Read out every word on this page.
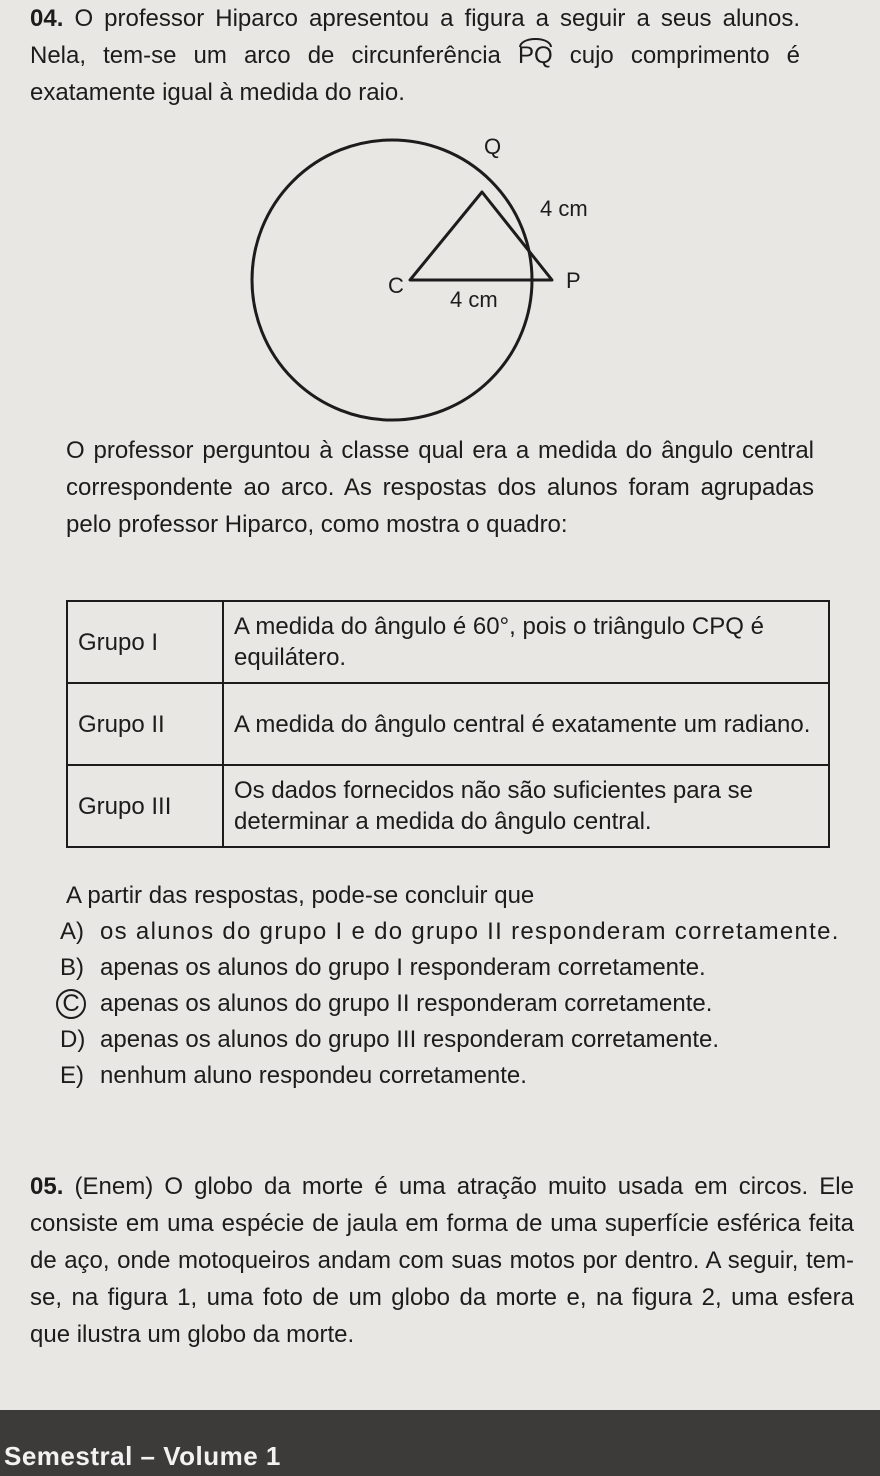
04. O professor Hiparco apresentou a figura a seguir a seus alunos. Nela, tem-se um arco de circunferência PQ cujo comprimento é exatamente igual à medida do raio.

Q
4 cm
C	P
4 cm

O professor perguntou à classe qual era a medida do ângulo central correspondente ao arco. As respostas dos alunos foram agrupadas pelo professor Hiparco, como mostra o quadro:

Grupo I	A medida do ângulo é 60°, pois o triângulo CPQ é equilátero.
Grupo II	A medida do ângulo central é exatamente um radiano.
Grupo III	Os dados fornecidos não são suficientes para se determinar a medida do ângulo central.
A partir das respostas, pode-se concluir que
A) os alunos do grupo I e do grupo II responderam corretamente.
B) apenas os alunos do grupo I responderam corretamente.
C apenas os alunos do grupo II responderam corretamente.
D) apenas os alunos do grupo III responderam corretamente.
E) nenhum aluno respondeu corretamente.

05. (Enem) O globo da morte é uma atração muito usada em circos. Ele consiste em uma espécie de jaula em forma de uma superfície esférica feita de aço, onde motoqueiros andam com suas motos por dentro. A seguir, tem-se, na figura 1, uma foto de um globo da morte e, na figura 2, uma esfera que ilustra um globo da morte.

Semestral – Volume 1
